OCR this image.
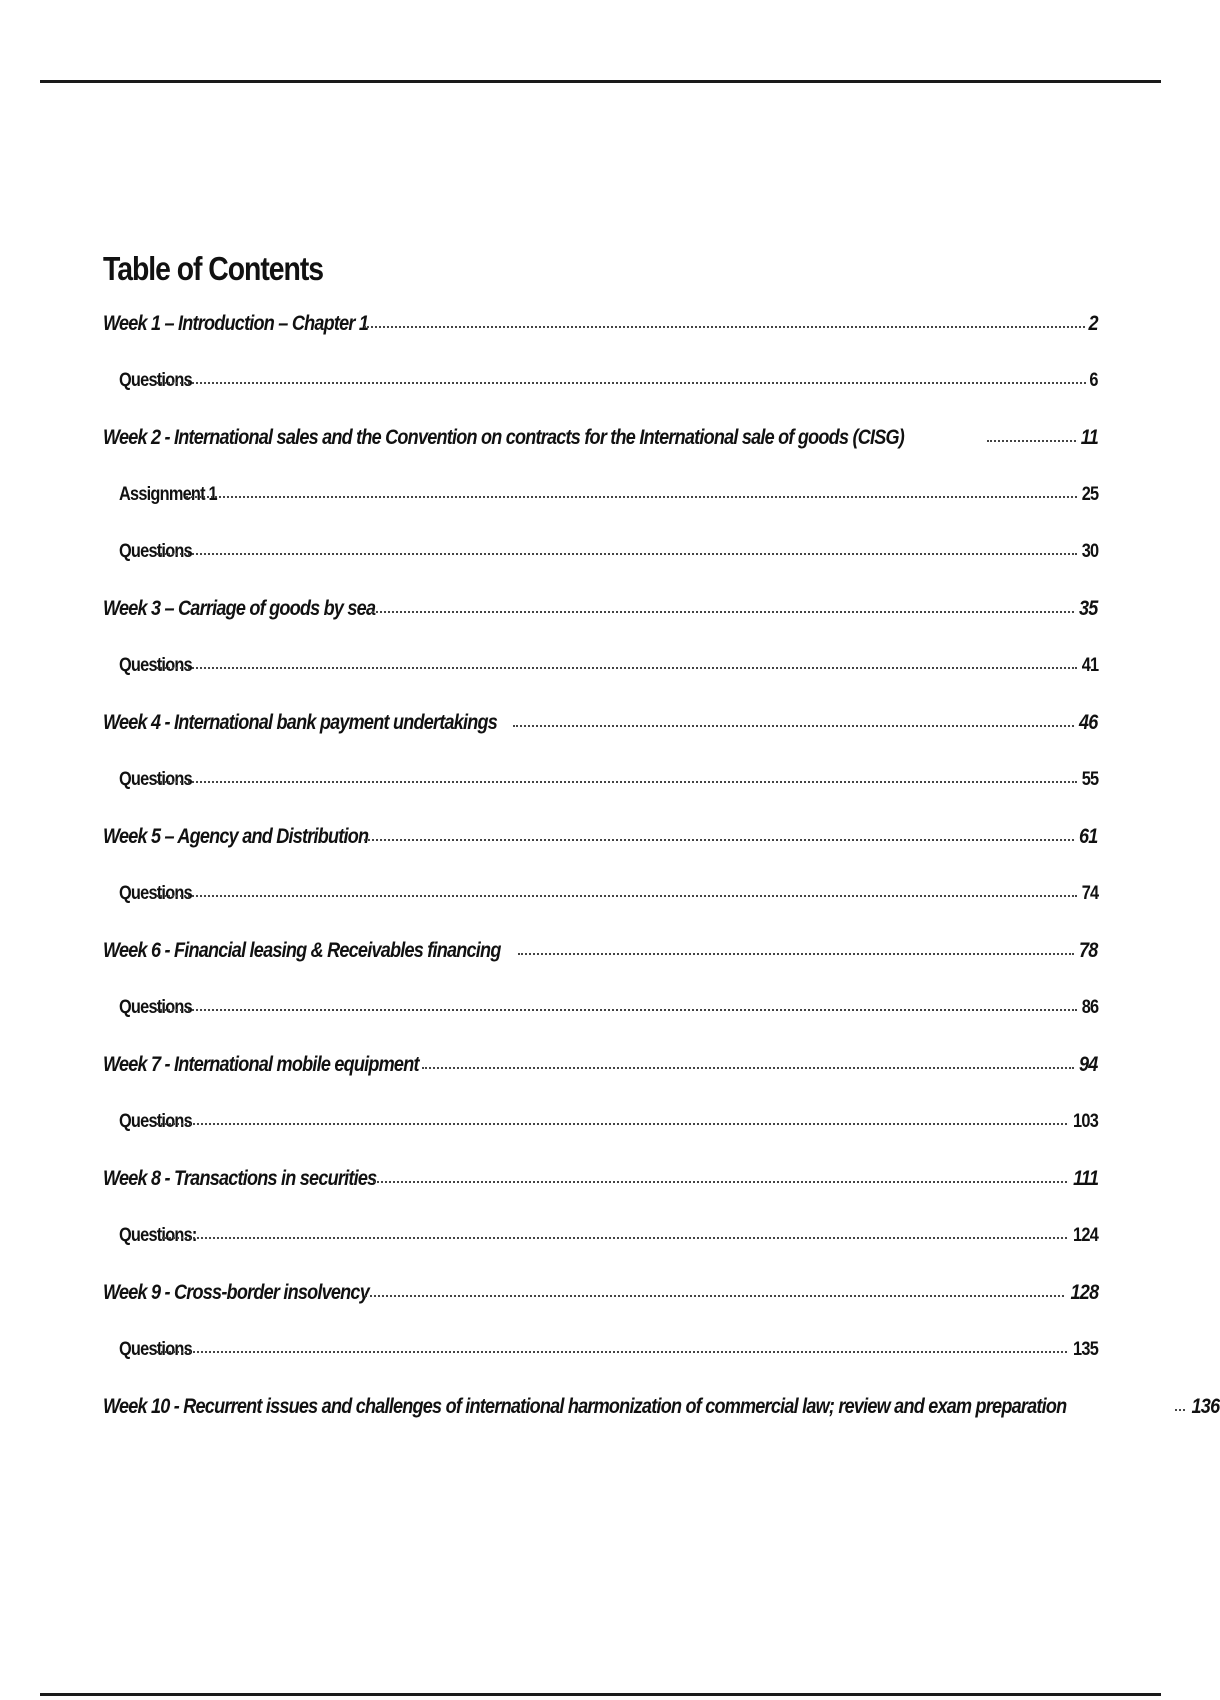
Table of Contents
Week 1 – Introduction – Chapter 1	2
Questions	6
Week 2 - International sales and the Convention on contracts for the International sale of goods (CISG)	11
Assignment 1	25
Questions	30
Week 3 – Carriage of goods by sea	35
Questions	41
Week 4 - International bank payment undertakings	46
Questions	55
Week 5 – Agency and Distribution	61
Questions	74
Week 6 - Financial leasing & Receivables financing	78
Questions	86
Week 7 - International mobile equipment	94
Questions	103
Week 8 - Transactions in securities	111
Questions:	124
Week 9 - Cross-border insolvency	128
Questions	135
Week 10 - Recurrent issues and challenges of international harmonization of commercial law; review and exam preparation	136
